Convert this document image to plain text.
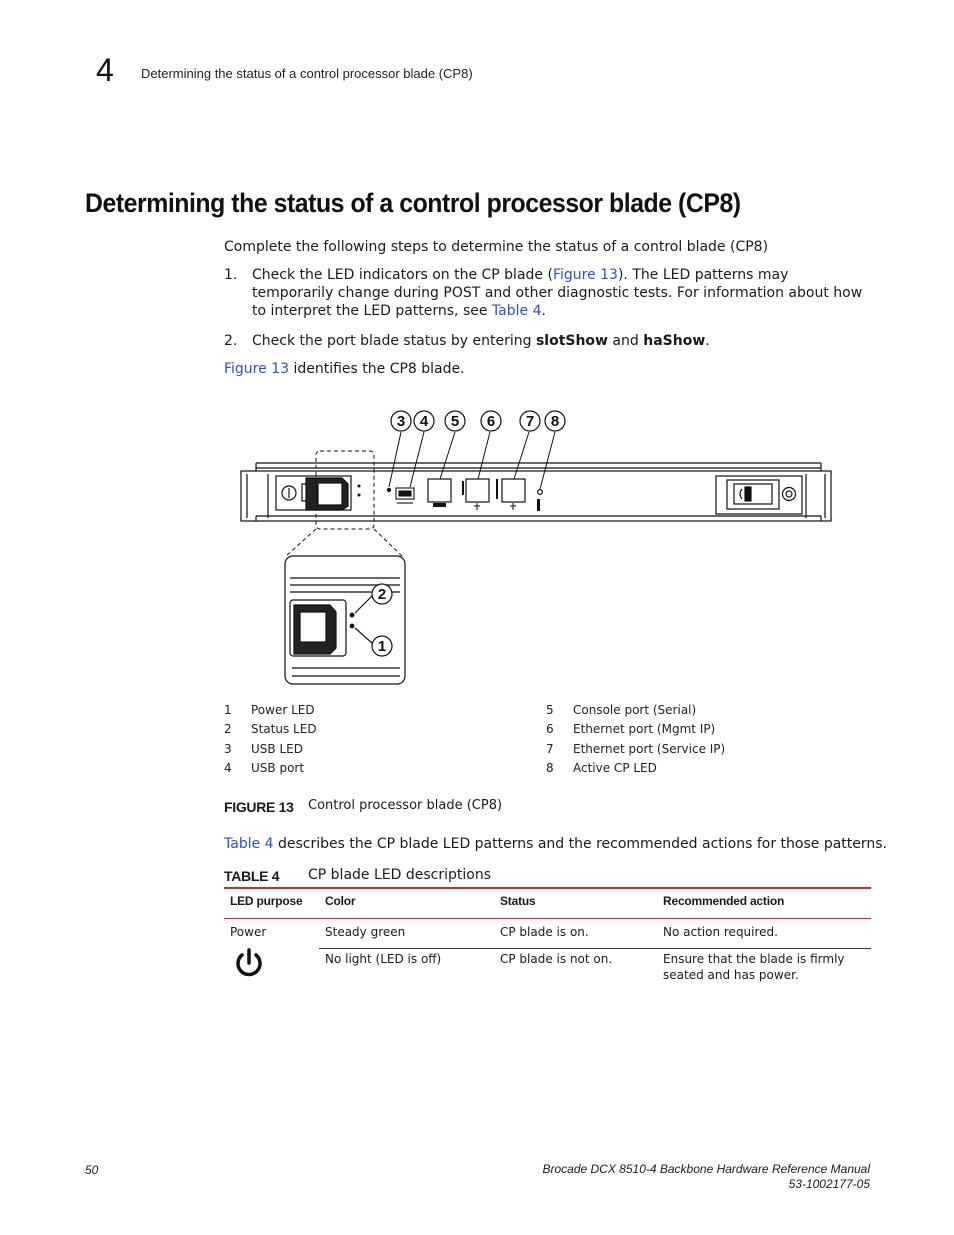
4 Determining the status of a control processor blade (CP8)
Determining the status of a control processor blade (CP8)
Complete the following steps to determine the status of a control blade (CP8)
1. Check the LED indicators on the CP blade (Figure 13). The LED patterns may temporarily change during POST and other diagnostic tests. For information about how to interpret the LED patterns, see Table 4.
2. Check the port blade status by entering slotShow and haShow.
Figure 13 identifies the CP8 blade.
3 4 5 6 7 8
2
1
1 Power LED
2 Status LED
3 USB LED
4 USB port
5 Console port (Serial)
6 Ethernet port (Mgmt IP)
7 Ethernet port (Service IP)
8 Active CP LED
FIGURE 13 Control processor blade (CP8)
Table 4 describes the CP blade LED patterns and the recommended actions for those patterns.
TABLE 4 CP blade LED descriptions
LED purpose	Color	Status	Recommended action

Power	Steady green	CP blade is on.	No action required.
	No light (LED is off)	CP blade is not on.	Ensure that the blade is firmly seated and has power.
50	Brocade DCX 8510-4 Backbone Hardware Reference Manual
53-1002177-05
